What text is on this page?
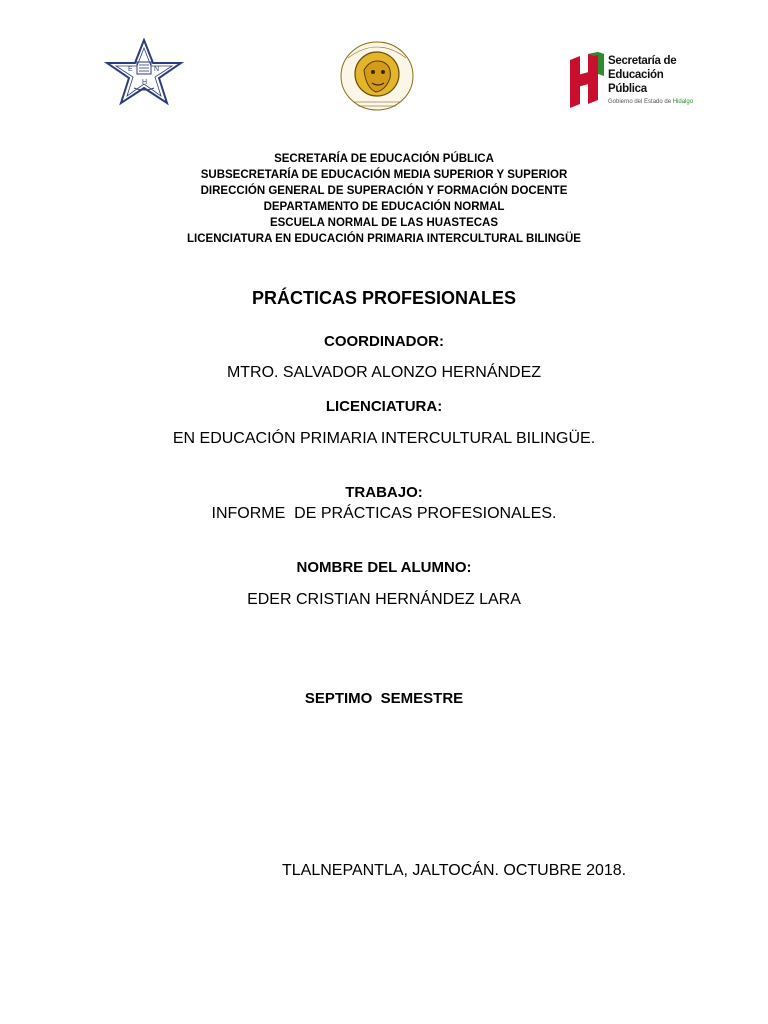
E	N
H
Secretaría de
Educación Pública
Gobierno del Estado de Hidalgo
SECRETARÍA DE EDUCACIÓN PÚBLICA
SUBSECRETARÍA DE EDUCACIÓN MEDIA SUPERIOR Y SUPERIOR
DIRECCIÓN GENERAL DE SUPERACIÓN Y FORMACIÓN DOCENTE
DEPARTAMENTO DE EDUCACIÓN NORMAL
ESCUELA NORMAL DE LAS HUASTECAS
LICENCIATURA EN EDUCACIÓN PRIMARIA INTERCULTURAL BILINGÜE
PRÁCTICAS PROFESIONALES
COORDINADOR:
MTRO. SALVADOR ALONZO HERNÁNDEZ
LICENCIATURA:
EN EDUCACIÓN PRIMARIA INTERCULTURAL BILINGÜE.
TRABAJO:
INFORME  DE PRÁCTICAS PROFESIONALES.
NOMBRE DEL ALUMNO:
EDER CRISTIAN HERNÁNDEZ LARA
SEPTIMO  SEMESTRE
TLALNEPANTLA, JALTOCÁN. OCTUBRE 2018.
